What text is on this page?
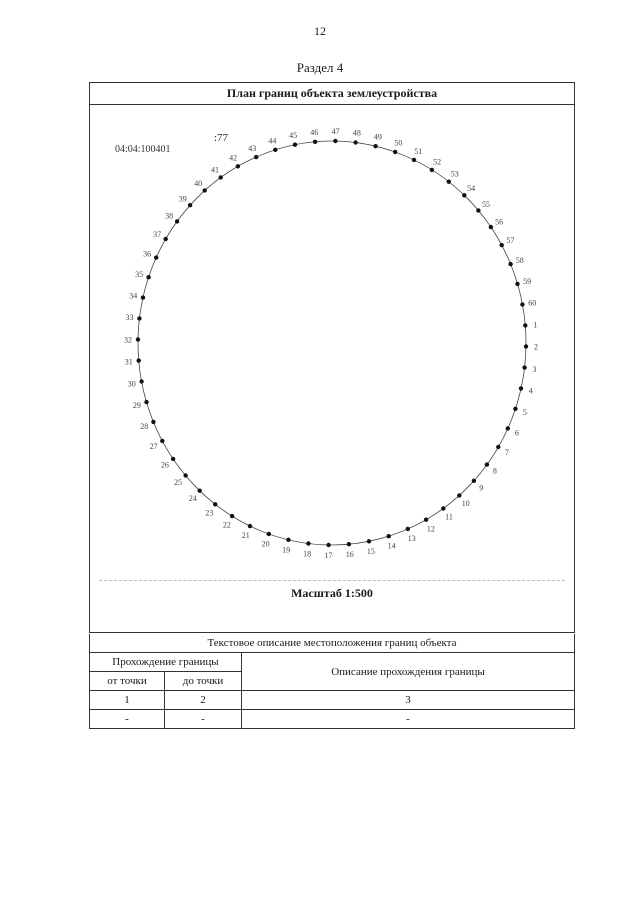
12
Раздел 4
План границ объекта землеустройства
04:04:100401
:77
1
2
3
4
5
6
7
8
9
10
11
12
13
14
15
16
17
18
19
20
21
22
23
24
25
26
27
28
29
30
31
32
33
34
35
36
37
38
39
40
41
42
43
44
45 46 47 48 49
50
51
52
53
54
55
56
57
58
59
60
Масштаб 1:500
Текстовое описание местоположения границ объекта		
Прохождение границы		Описание прохождения границы
от точки	до точки	
1	2	3
-	-	-
